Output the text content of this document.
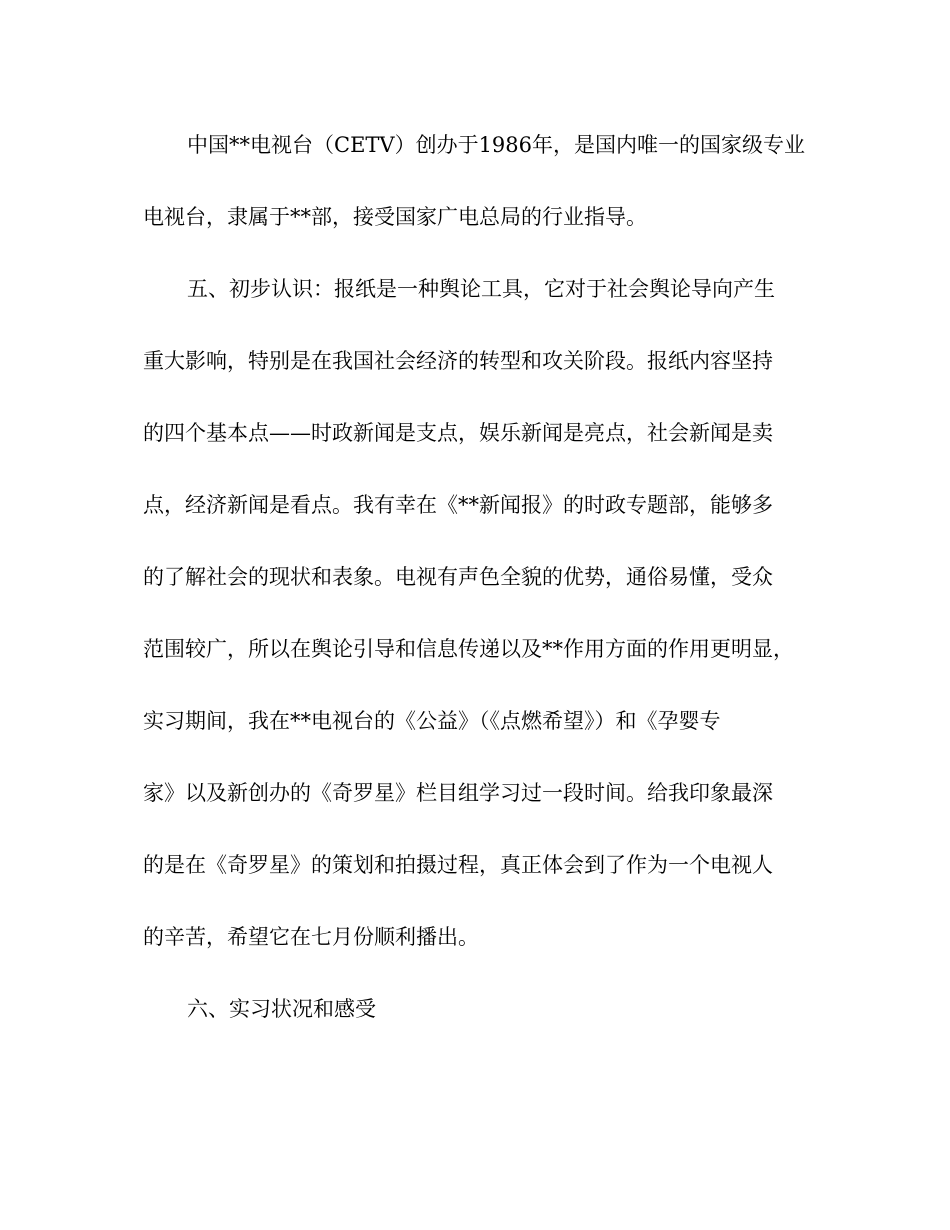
中国**电视台（CETV）创办于1986年，是国内唯一的国家级专业
电视台，隶属于**部，接受国家广电总局的行业指导。
五、初步认识：报纸是一种舆论工具，它对于社会舆论导向产生
重大影响，特别是在我国社会经济的转型和攻关阶段。报纸内容坚持
的四个基本点——时政新闻是支点，娱乐新闻是亮点，社会新闻是卖
点，经济新闻是看点。我有幸在《**新闻报》的时政专题部，能够多
的了解社会的现状和表象。电视有声色全貌的优势，通俗易懂，受众
范围较广，所以在舆论引导和信息传递以及**作用方面的作用更明显，
实习期间，我在**电视台的《公益》（《点燃希望》）和《孕婴专
家》以及新创办的《奇罗星》栏目组学习过一段时间。给我印象最深
的是在《奇罗星》的策划和拍摄过程，真正体会到了作为一个电视人
的辛苦，希望它在七月份顺利播出。
六、实习状况和感受
